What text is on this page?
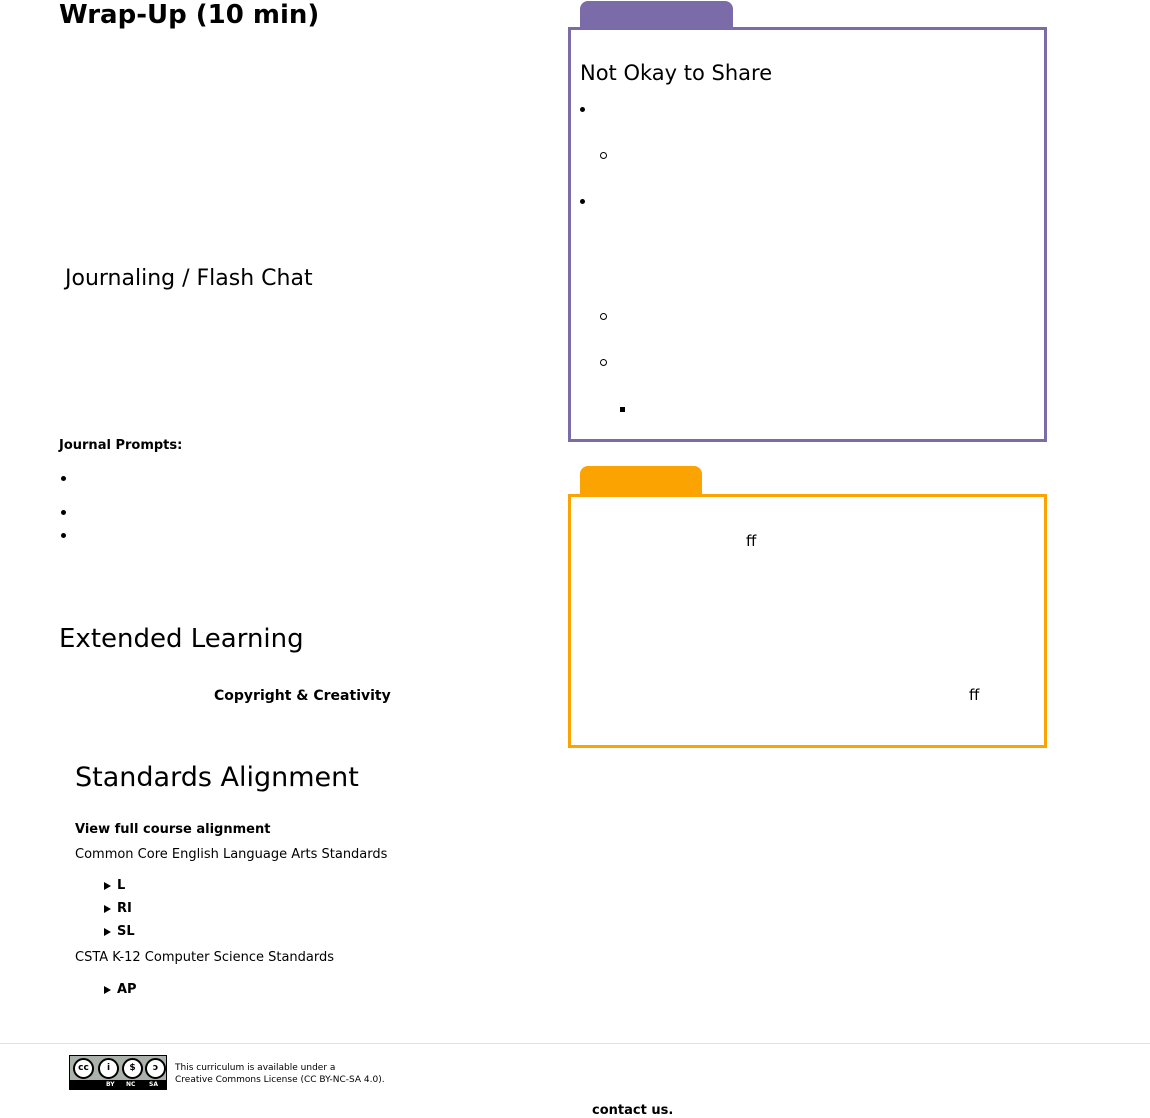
Wrap-Up (10 min)
Journaling / Flash Chat
Journal Prompts:
Extended Learning
Copyright & Creativity
Standards Alignment
View full course alignment
Common Core English Language Arts Standards
L
RI
SL
CSTA K-12 Computer Science Standards
AP
Not Okay to Share
ﬀ
ﬀ
cc	i	$	ↄ
BY NC SA
This curriculum is available under a
Creative Commons License (CC BY-NC-SA 4.0).
contact us.
